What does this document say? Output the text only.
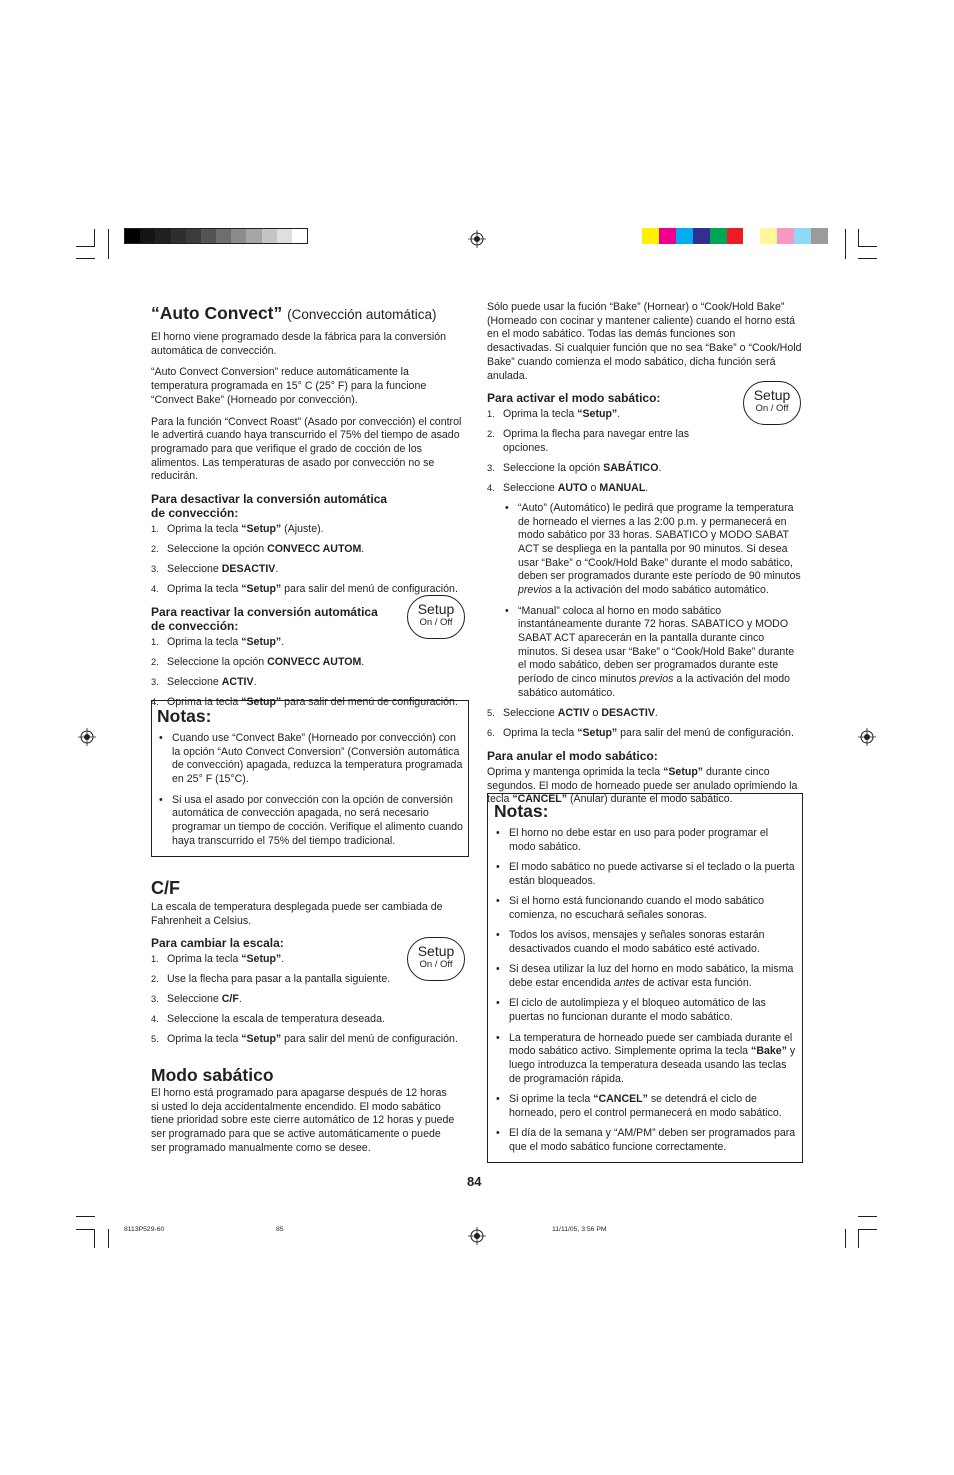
8113P529-60	85	11/11/05, 3:56 PM
“Auto Convect” (Convección automática)

El horno viene programado desde la fábrica para la conversión automática de convección.

“Auto Convect Conversion” reduce automáticamente la temperatura programada en 15° C (25° F) para la funcione “Convect Bake” (Horneado por convección).

Para la función “Convect Roast” (Asado por convección) el control le advertirá cuando haya transcurrido el 75% del tiempo de asado programado para que verifique el grado de cocción de los alimentos. Las temperaturas de asado por convección no se reducirán.

Para desactivar la conversión automática
de convección:
1. Oprima la tecla “Setup” (Ajuste).
2. Seleccione la opción CONVECC AUTOM.
3. Seleccione DESACTIV.
4. Oprima la tecla “Setup” para salir del menú de configuración.
Para reactivar la conversión automática
de convección:
1. Oprima la tecla “Setup”.
2. Seleccione la opción CONVECC AUTOM.
3. Seleccione ACTIV.
4. Oprima la tecla “Setup” para salir del menú de configuración.
Setup
On / Off
Notas:
• Cuando use “Convect Bake” (Horneado por convección) con la opción “Auto Convect Conversion” (Conversión automática de convección) apagada, reduzca la temperatura programada en 25° F (15°C).
• Si usa el asado por convección con la opción de conversión automática de convección apagada, no será necesario programar un tiempo de cocción. Verifique el alimento cuando haya transcurrido el 75% del tiempo tradicional.
C/F

La escala de temperatura desplegada puede ser cambiada de Fahrenheit a Celsius.

Para cambiar la escala:
1. Oprima la tecla “Setup”.
2. Use la flecha para pasar a la pantalla siguiente.
3. Seleccione C/F.
4. Seleccione la escala de temperatura deseada.
5. Oprima la tecla “Setup” para salir del menú de configuración.
Setup
On / Off
Modo sabático

El horno está programado para apagarse después de 12 horas si usted lo deja accidentalmente encendido. El modo sabático tiene prioridad sobre este cierre automático de 12 horas y puede ser programado para que se active automáticamente o puede ser programado manualmente como se desee.

Sólo puede usar la fución “Bake” (Hornear) o “Cook/Hold Bake” (Horneado con cocinar y mantener caliente) cuando el horno está en el modo sabático. Todas las demás funciones son desactivadas. Si cualquier función que no sea “Bake” o “Cook/Hold Bake” cuando comienza el modo sabático, dicha función será anulada.

Para activar el modo sabático:
1. Oprima la tecla “Setup”.
2. Oprima la flecha para navegar entre las opciones.
3. Seleccione la opción SABÁTICO.
4. Seleccione AUTO o MANUAL.
• “Auto” (Automático) le pedirá que programe la temperatura de horneado el viernes a las 2:00 p.m. y permanecerá en modo sabático por 33 horas. SABATICO y MODO SABAT ACT se despliega en la pantalla por 90 minutos. Si desea usar “Bake” o “Cook/Hold Bake” durante el modo sabático, deben ser programados durante este período de 90 minutos previos a la activación del modo sabático automático.
• “Manual” coloca al horno en modo sabático instantáneamente durante 72 horas. SABATICO y MODO SABAT ACT aparecerán en la pantalla durante cinco minutos. Si desea usar “Bake” o “Cook/Hold Bake” durante el modo sabático, deben ser programados durante este período de cinco minutos previos a la activación del modo sabático automático.
5. Seleccione ACTIV o DESACTIV.
6. Oprima la tecla “Setup” para salir del menú de configuración.
Para anular el modo sabático:

Oprima y mantenga oprimida la tecla “Setup” durante cinco segundos. El modo de horneado puede ser anulado oprimiendo la tecla “CANCEL” (Anular) durante el modo sabático.

Setup
On / Off
Notas:
• El horno no debe estar en uso para poder programar el modo sabático.
• El modo sabático no puede activarse si el teclado o la puerta están bloqueados.
• Si el horno está funcionando cuando el modo sabático comienza, no escuchará señales sonoras.
• Todos los avisos, mensajes y señales sonoras estarán desactivados cuando el modo sabático esté activado.
• Si desea utilizar la luz del horno en modo sabático, la misma debe estar encendida antes de activar esta función.
• El ciclo de autolimpieza y el bloqueo automático de las puertas no funcionan durante el modo sabático.
• La temperatura de horneado puede ser cambiada durante el modo sabático activo. Simplemente oprima la tecla “Bake” y luego introduzca la temperatura deseada usando las teclas de programación rápida.
• Si oprime la tecla “CANCEL” se detendrá el ciclo de horneado, pero el control permanecerá en modo sabático.
• El día de la semana y “AM/PM” deben ser programados para que el modo sabático funcione correctamente.
84
